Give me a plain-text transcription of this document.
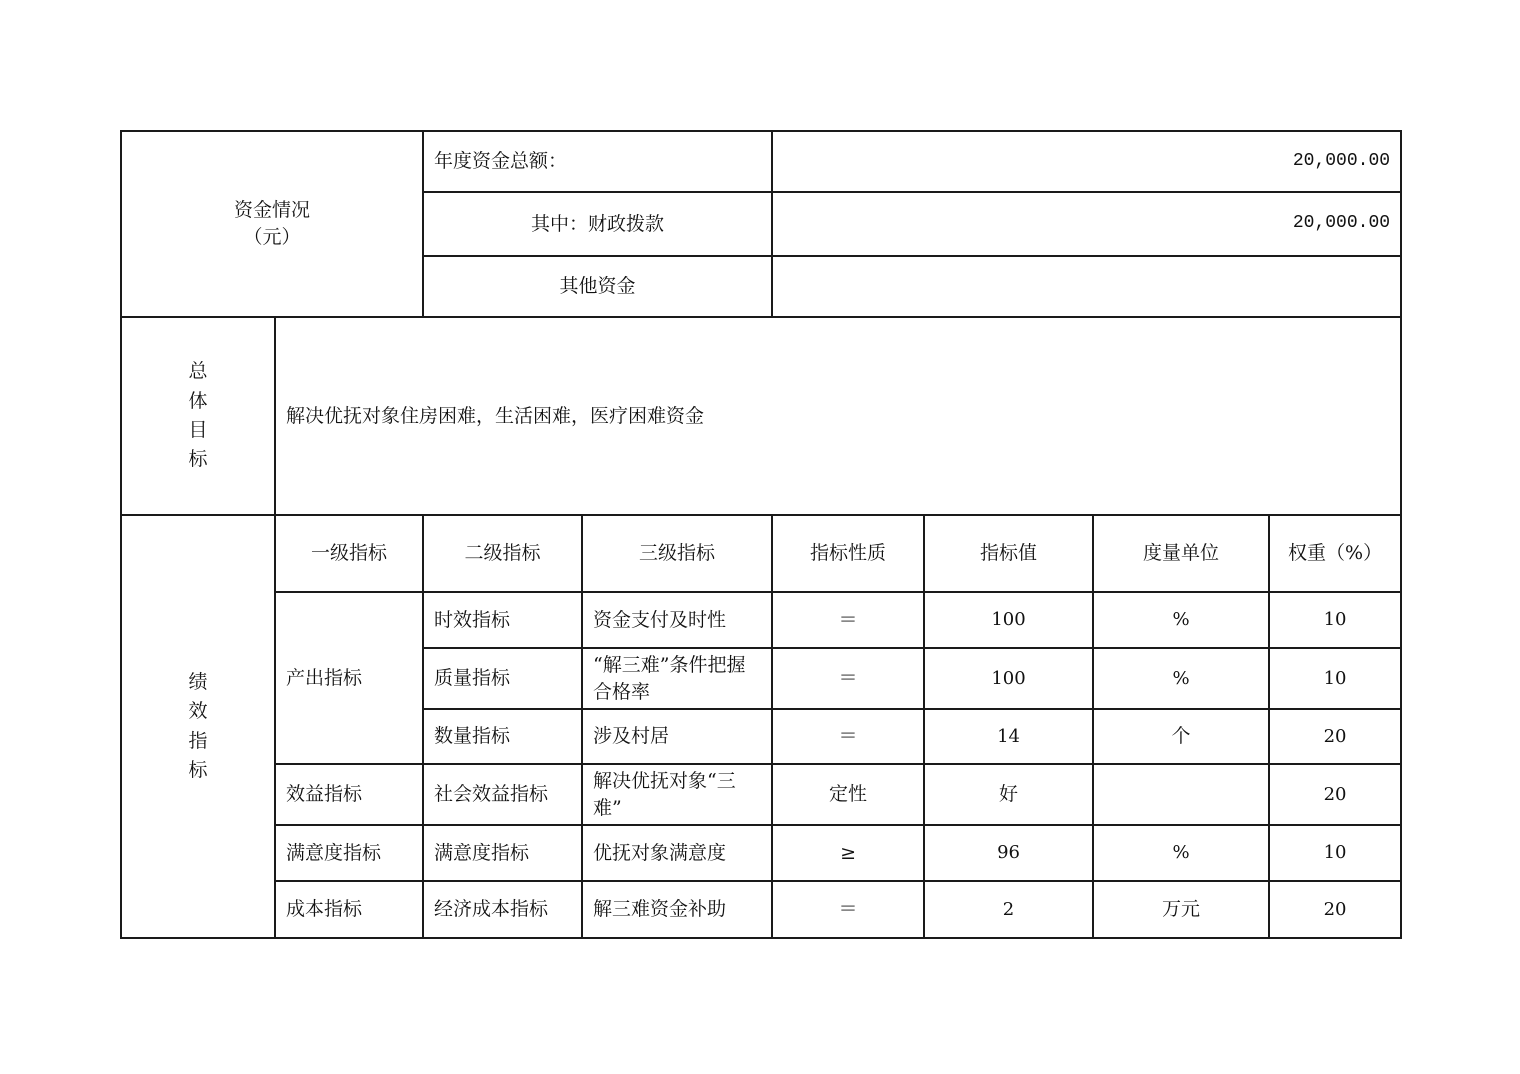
资金情况
（元）		年度资金总额：		20,000.00			
		其中：财政拨款		20,000.00			
		其他资金					
总体目标	解决优抚对象住房困难，生活困难，医疗困难资金						
绩效指标	一级指标	二级指标	三级指标	指标性质	指标值	度量单位	权重（%）
	产出指标	时效指标	资金支付及时性	＝	100	%	10
		质量指标	“解三难”条件把握合格率	＝	100	%	10
		数量指标	涉及村居	＝	14	个	20
	效益指标	社会效益指标	解决优抚对象“三难”	定性	好		20
	满意度指标	满意度指标	优抚对象满意度	≥	96	%	10
	成本指标	经济成本指标	解三难资金补助	＝	2	万元	20
